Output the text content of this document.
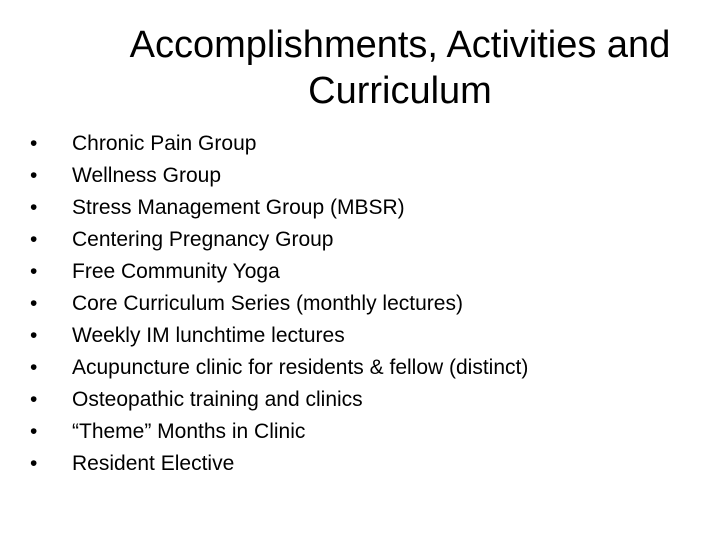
Accomplishments, Activities and
Curriculum
• Chronic Pain Group
• Wellness Group
• Stress Management Group (MBSR)
• Centering Pregnancy Group
• Free Community Yoga
• Core Curriculum Series (monthly lectures)
• Weekly IM lunchtime lectures
• Acupuncture clinic for residents & fellow (distinct)
• Osteopathic training and clinics
• “Theme” Months in Clinic
• Resident Elective
